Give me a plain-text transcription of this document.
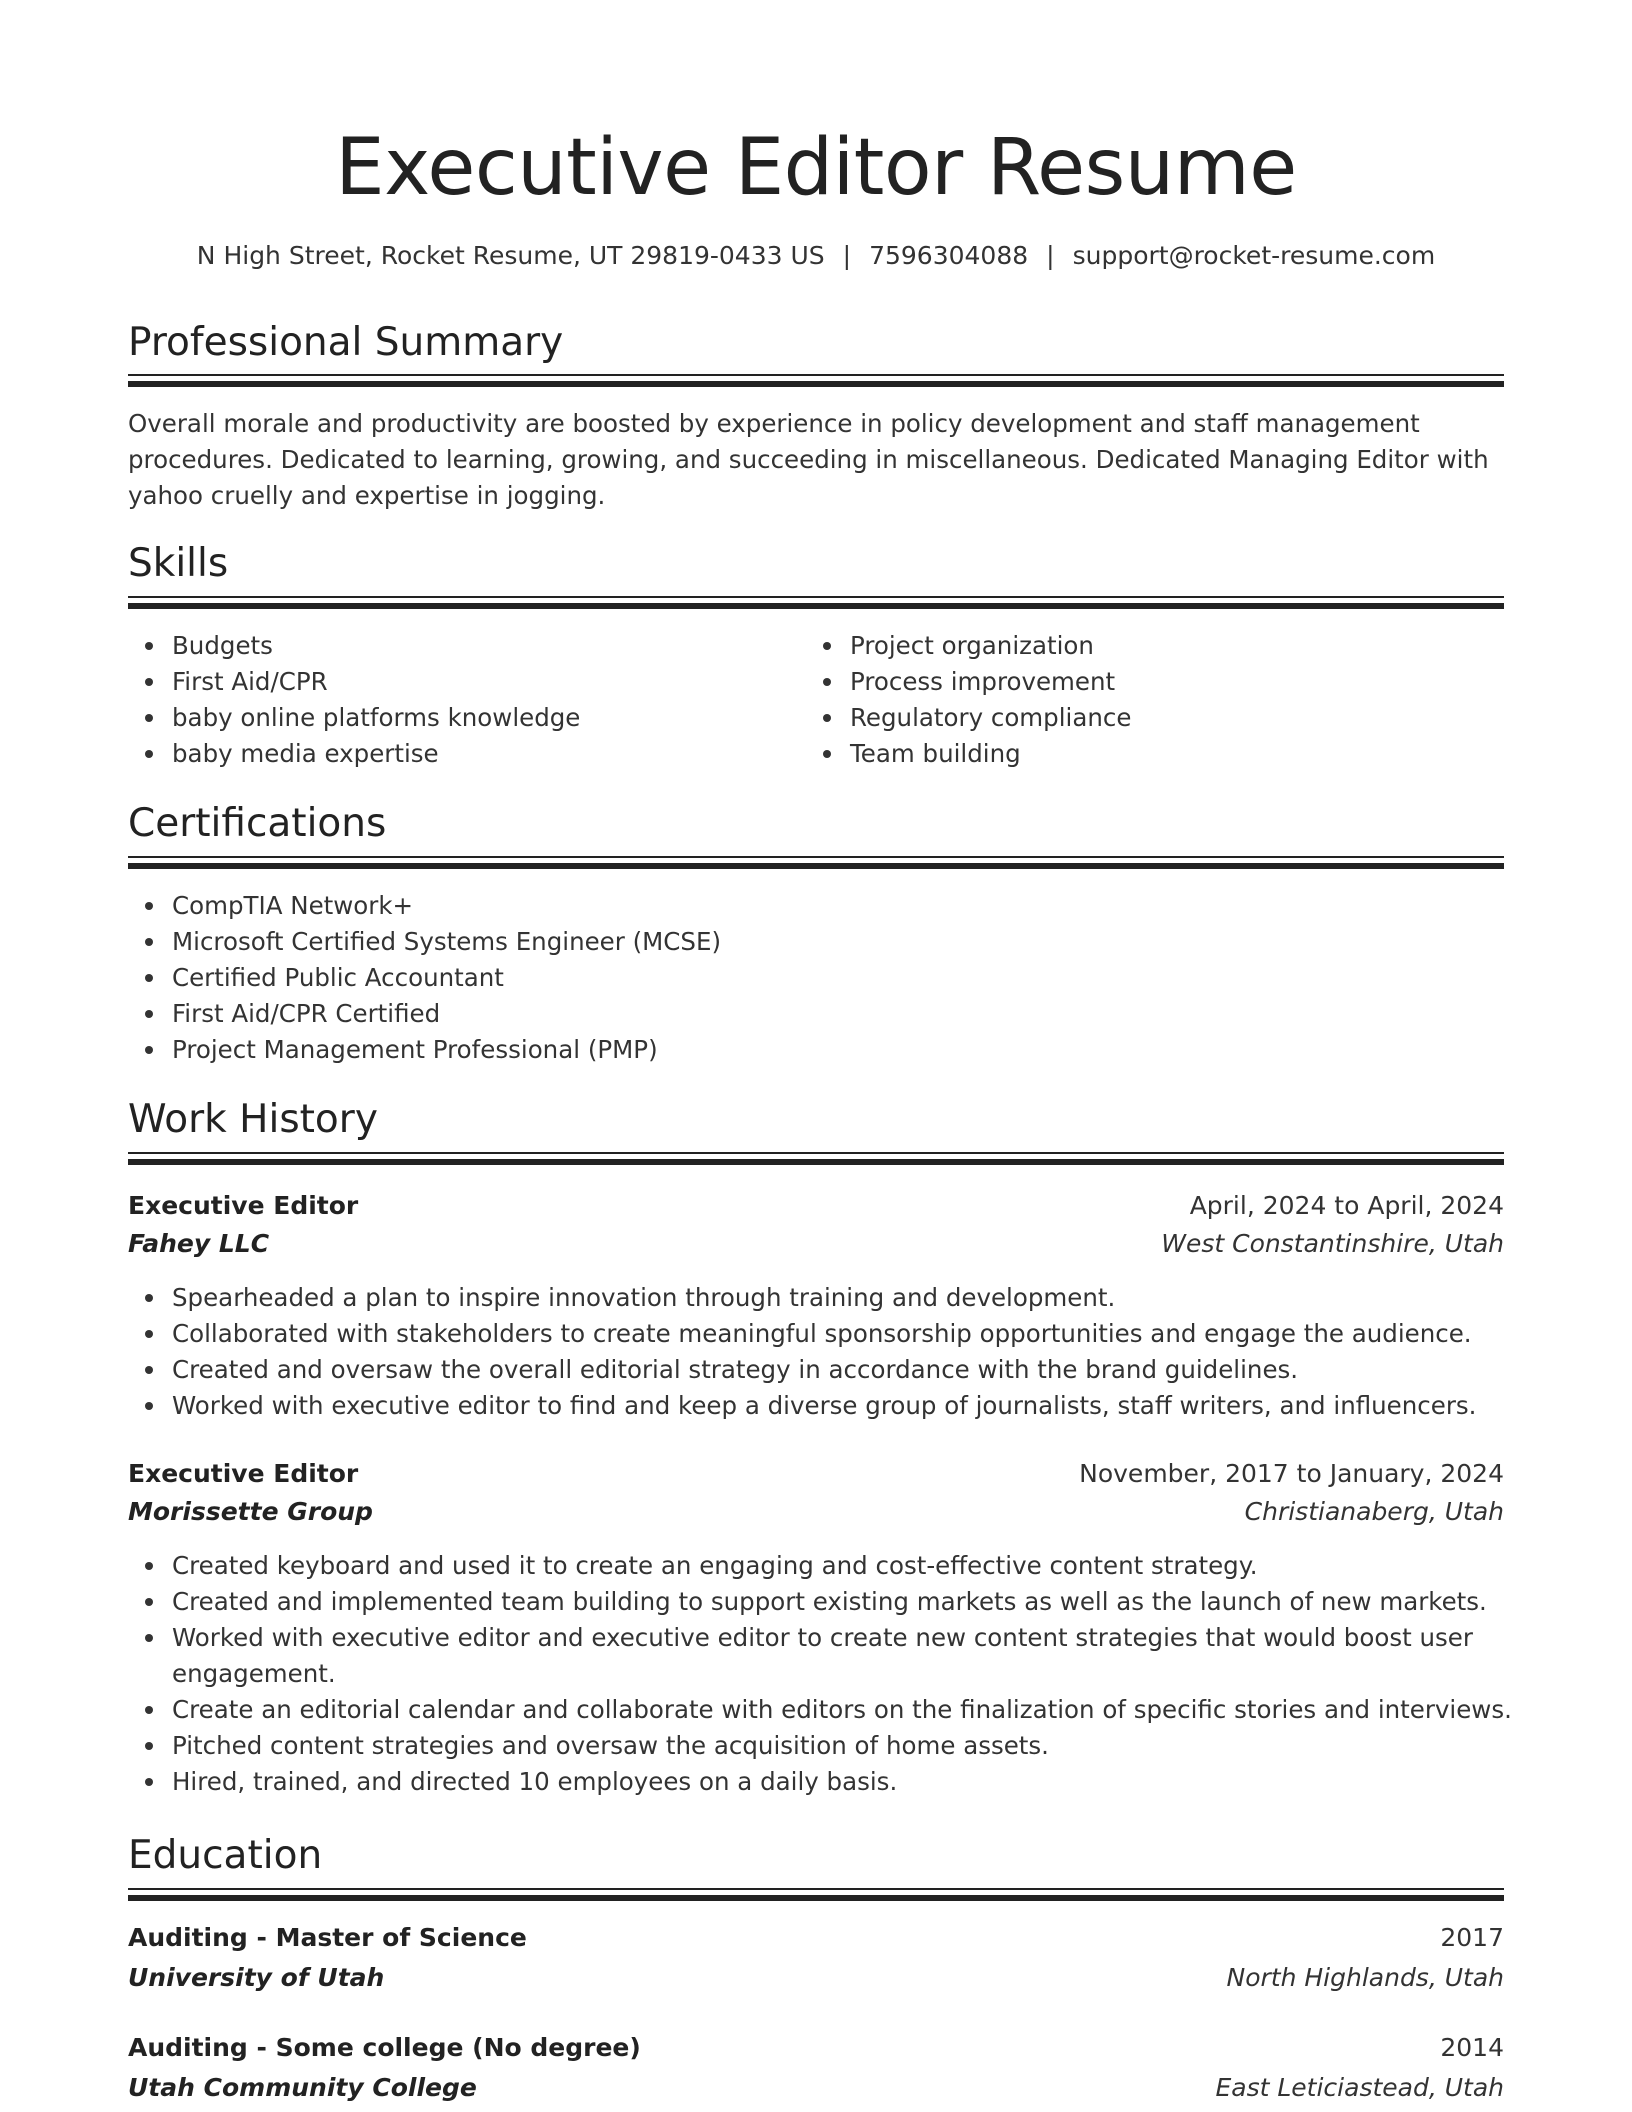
Executive Editor Resume
N High Street, Rocket Resume, UT 29819-0433 US | 7596304088 | support@rocket-resume.com
Professional Summary

Overall morale and productivity are boosted by experience in policy development and staff management procedures. Dedicated to learning, growing, and succeeding in miscellaneous. Dedicated Managing Editor with yahoo cruelly and expertise in jogging.

Skills
Budgets
First Aid/CPR
baby online platforms knowledge
baby media expertise
Project organization
Process improvement
Regulatory compliance
Team building
Certifications
CompTIA Network+
Microsoft Certified Systems Engineer (MCSE)
Certified Public Accountant
First Aid/CPR Certified
Project Management Professional (PMP)
Work History
Executive Editor	April, 2024 to April, 2024
Fahey LLC	West Constantinshire, Utah
Spearheaded a plan to inspire innovation through training and development.
Collaborated with stakeholders to create meaningful sponsorship opportunities and engage the audience.
Created and oversaw the overall editorial strategy in accordance with the brand guidelines.
Worked with executive editor to find and keep a diverse group of journalists, staff writers, and influencers.
Executive Editor	November, 2017 to January, 2024
Morissette Group	Christianaberg, Utah
Created keyboard and used it to create an engaging and cost-effective content strategy.
Created and implemented team building to support existing markets as well as the launch of new markets.
Worked with executive editor and executive editor to create new content strategies that would boost user engagement.
Create an editorial calendar and collaborate with editors on the finalization of specific stories and interviews.
Pitched content strategies and oversaw the acquisition of home assets.
Hired, trained, and directed 10 employees on a daily basis.
Education
Auditing - Master of Science	2017
University of Utah	North Highlands, Utah
Auditing - Some college (No degree)	2014
Utah Community College	East Leticiastead, Utah
